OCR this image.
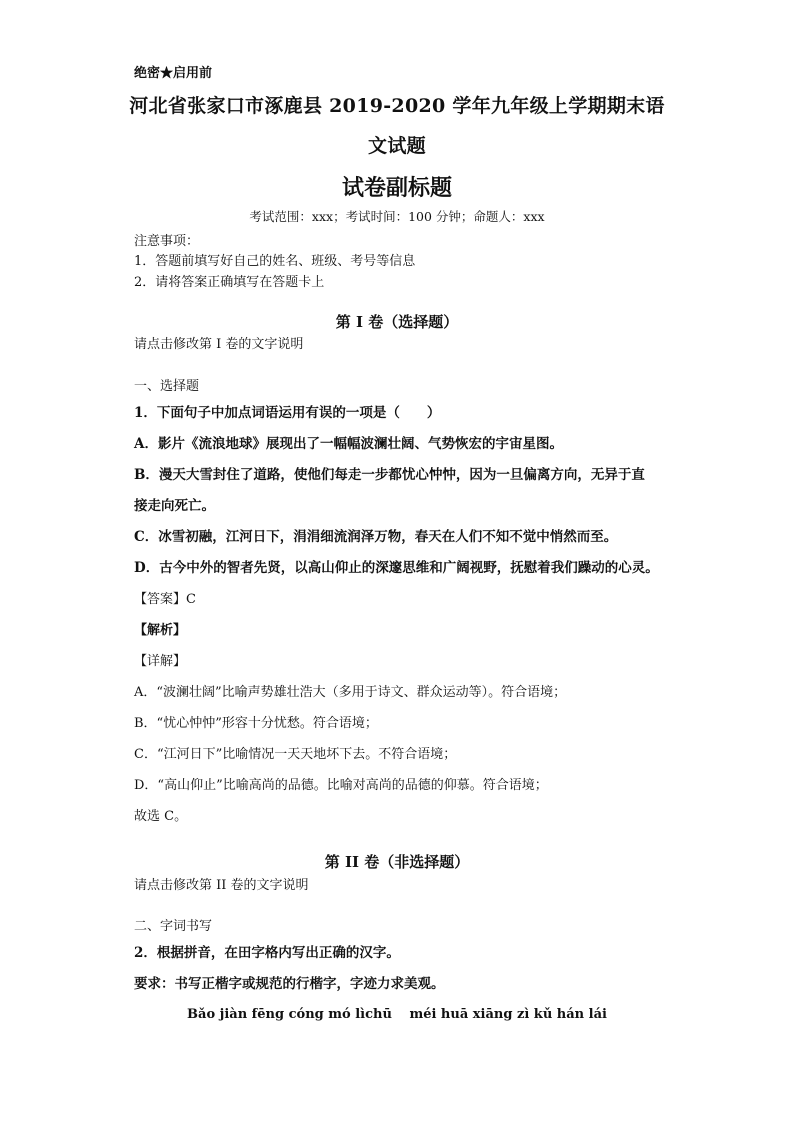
绝密★启用前
河北省张家口市涿鹿县 2019-2020 学年九年级上学期期末语
文试题
试卷副标题
考试范围：xxx；考试时间：100 分钟；命题人：xxx
注意事项：
1．答题前填写好自己的姓名、班级、考号等信息
2．请将答案正确填写在答题卡上
第 I 卷（选择题）
请点击修改第 I 卷的文字说明
一、选择题
1．下面句子中加点词语运用有误的一项是（　　）
A．影片《流浪地球》展现出了一幅幅波澜壮阔、气势恢宏的宇宙星图。
B．漫天大雪封住了道路，使他们每走一步都忧心忡忡，因为一旦偏离方向，无异于直
接走向死亡。
C．冰雪初融，江河日下，涓涓细流润泽万物，春天在人们不知不觉中悄然而至。
D．古今中外的智者先贤，以高山仰止的深邃思维和广阔视野，抚慰着我们躁动的心灵。
【答案】C
【解析】
【详解】
A．“波澜壮阔”比喻声势雄壮浩大（多用于诗文、群众运动等）。符合语境；
B．“忧心忡忡”形容十分忧愁。符合语境；
C．“江河日下”比喻情况一天天地坏下去。不符合语境；
D．“高山仰止”比喻高尚的品德。比喻对高尚的品德的仰慕。符合语境；
故选 C。
第 II 卷（非选择题）
请点击修改第 II 卷的文字说明
二、字词书写
2．根据拼音，在田字格内写出正确的汉字。
要求：书写正楷字或规范的行楷字，字迹力求美观。
Bǎo jiàn fēng cóng mó lìchū　 méi huā xiāng zì kǔ hán lái
